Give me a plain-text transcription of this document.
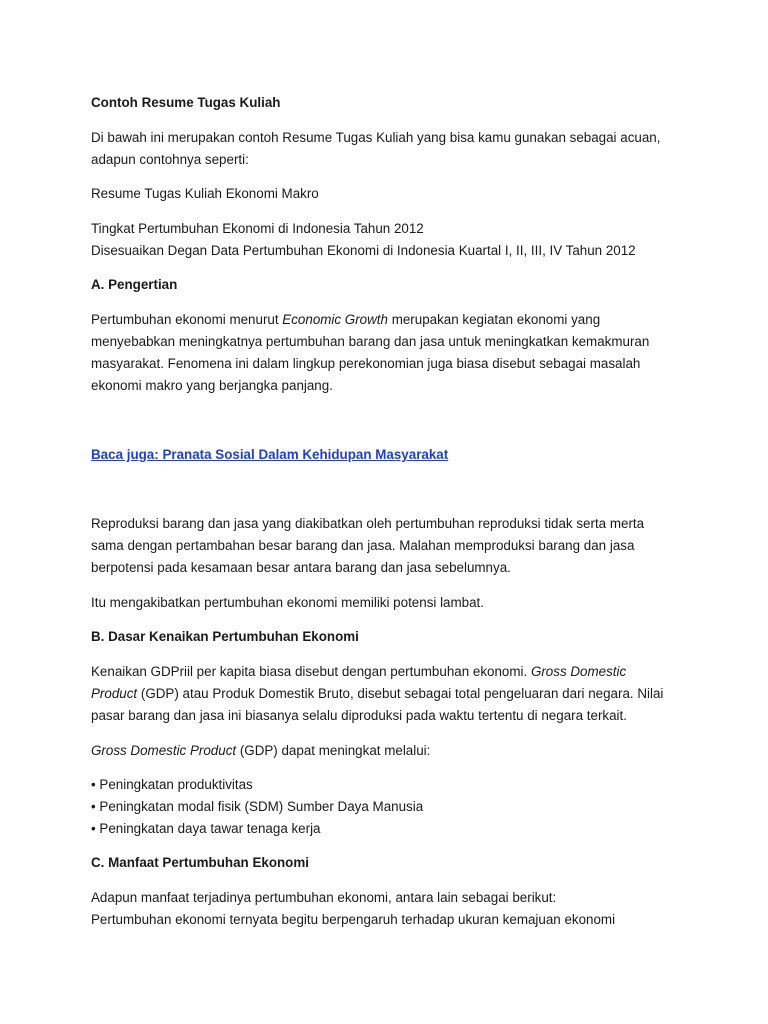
Contoh Resume Tugas Kuliah
Di bawah ini merupakan contoh Resume Tugas Kuliah yang bisa kamu gunakan sebagai acuan,
adapun contohnya seperti:
Resume Tugas Kuliah Ekonomi Makro
Tingkat Pertumbuhan Ekonomi di Indonesia Tahun 2012
Disesuaikan Degan Data Pertumbuhan Ekonomi di Indonesia Kuartal I, II, III, IV Tahun 2012
A. Pengertian
Pertumbuhan ekonomi menurut Economic Growth merupakan kegiatan ekonomi yang
menyebabkan meningkatnya pertumbuhan barang dan jasa untuk meningkatkan kemakmuran
masyarakat. Fenomena ini dalam lingkup perekonomian juga biasa disebut sebagai masalah
ekonomi makro yang berjangka panjang.
Baca juga: Pranata Sosial Dalam Kehidupan Masyarakat
Reproduksi barang dan jasa yang diakibatkan oleh pertumbuhan reproduksi tidak serta merta
sama dengan pertambahan besar barang dan jasa. Malahan memproduksi barang dan jasa
berpotensi pada kesamaan besar antara barang dan jasa sebelumnya.
Itu mengakibatkan pertumbuhan ekonomi memiliki potensi lambat.
B. Dasar Kenaikan Pertumbuhan Ekonomi
Kenaikan GDPriil per kapita biasa disebut dengan pertumbuhan ekonomi. Gross Domestic
Product (GDP) atau Produk Domestik Bruto, disebut sebagai total pengeluaran dari negara. Nilai
pasar barang dan jasa ini biasanya selalu diproduksi pada waktu tertentu di negara terkait.
Gross Domestic Product (GDP) dapat meningkat melalui:
• Peningkatan produktivitas
• Peningkatan modal fisik (SDM) Sumber Daya Manusia
• Peningkatan daya tawar tenaga kerja
C. Manfaat Pertumbuhan Ekonomi
Adapun manfaat terjadinya pertumbuhan ekonomi, antara lain sebagai berikut:
Pertumbuhan ekonomi ternyata begitu berpengaruh terhadap ukuran kemajuan ekonomi
